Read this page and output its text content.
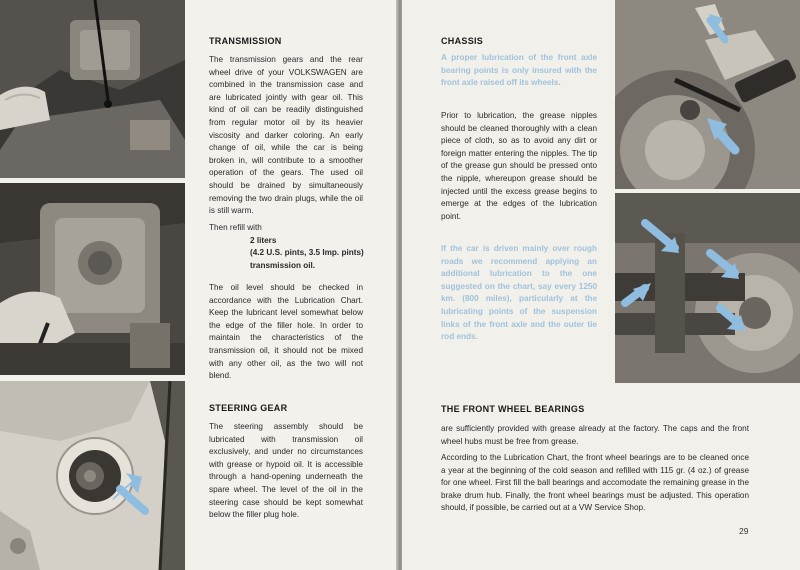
TRANSMISSION
The transmission gears and the rear wheel drive of your VOLKSWAGEN are combined in the transmission case and are lubricated jointly with gear oil. This kind of oil can be readily distinguished from regular motor oil by its heavier viscosity and darker coloring. An early change of oil, while the car is being broken in, will contribute to a smoother operation of the gears. The used oil should be drained by simultaneously removing the two drain plugs, while the oil is still warm.
Then refill with
2 liters
(4.2 U.S. pints, 3.5 Imp. pints)
transmission oil.
The oil level should be checked in accordance with the Lubrication Chart. Keep the lubricant level somewhat below the edge of the filler hole. In order to maintain the characteristics of the transmission oil, it should not be mixed with any other oil, as the two will not blend.
STEERING GEAR
The steering assembly should be lubricated with transmission oil exclusively, and under no circumstances with grease or hypoid oil. It is accessible through a hand-opening underneath the spare wheel. The level of the oil in the steering case should be kept somewhat below the filler plug hole.
CHASSIS
A proper lubrication of the front axle bearing points is only insured with the front axle raised off its wheels.
Prior to lubrication, the grease nipples should be cleaned thoroughly with a clean piece of cloth, so as to avoid any dirt or foreign matter entering the nipples. The tip of the grease gun should be pressed onto the nipple, whereupon grease should be injected until the excess grease begins to emerge at the edges of the lubrication point.
If the car is driven mainly over rough roads we recommend applying an additional lubrication to the one suggested on the chart, say every 1250 km. (800 miles), particularly at the lubricating points of the suspension links of the front axle and the outer tie rod ends.
THE FRONT WHEEL BEARINGS
are sufficiently provided with grease already at the factory. The caps and the front wheel hubs must be free from grease.
According to the Lubrication Chart, the front wheel bearings are to be cleaned once a year at the beginning of the cold season and refilled with 115 gr. (4 oz.) of grease for one wheel. First fill the ball bearings and accomodate the remaining grease in the brake drum hub. Finally, the front wheel bearings must be adjusted. This operation should, if possible, be carried out at a VW Service Shop.
29
